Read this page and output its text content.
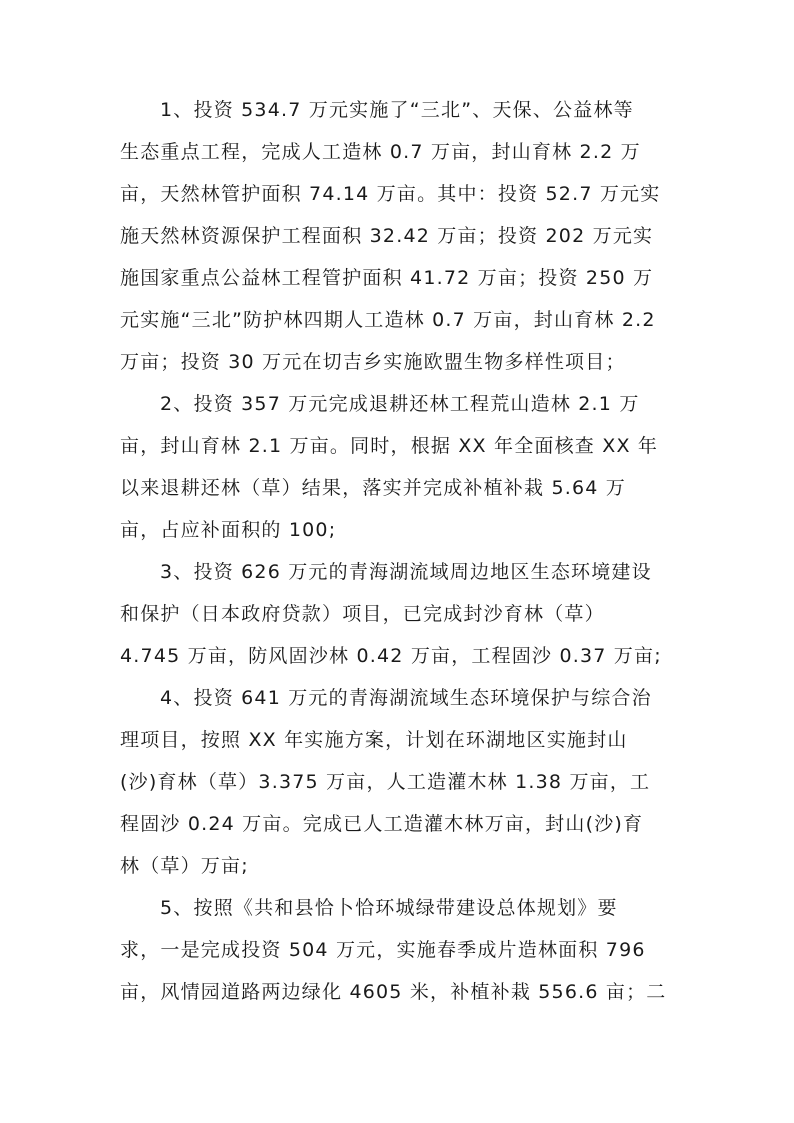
1、投资 534.7 万元实施了“三北”、天保、公益林等
生态重点工程，完成人工造林 0.7 万亩，封山育林 2.2 万
亩，天然林管护面积 74.14 万亩。其中：投资 52.7 万元实
施天然林资源保护工程面积 32.42 万亩；投资 202 万元实
施国家重点公益林工程管护面积 41.72 万亩；投资 250 万
元实施“三北”防护林四期人工造林 0.7 万亩，封山育林 2.2
万亩；投资 30 万元在切吉乡实施欧盟生物多样性项目；
2、投资 357 万元完成退耕还林工程荒山造林 2.1 万
亩，封山育林 2.1 万亩。同时，根据 XX 年全面核查 XX 年
以来退耕还林（草）结果，落实并完成补植补栽 5.64 万
亩，占应补面积的 100;
3、投资 626 万元的青海湖流域周边地区生态环境建设
和保护（日本政府贷款）项目，已完成封沙育林（草）
4.745 万亩，防风固沙林 0.42 万亩，工程固沙 0.37 万亩;
4、投资 641 万元的青海湖流域生态环境保护与综合治
理项目，按照 XX 年实施方案，计划在环湖地区实施封山
(沙)育林（草）3.375 万亩，人工造灌木林 1.38 万亩，工
程固沙 0.24 万亩。完成已人工造灌木林万亩，封山(沙)育
林（草）万亩;
5、按照《共和县恰卜恰环城绿带建设总体规划》要
求，一是完成投资 504 万元，实施春季成片造林面积 796
亩，风情园道路两边绿化 4605 米，补植补栽 556.6 亩；二
